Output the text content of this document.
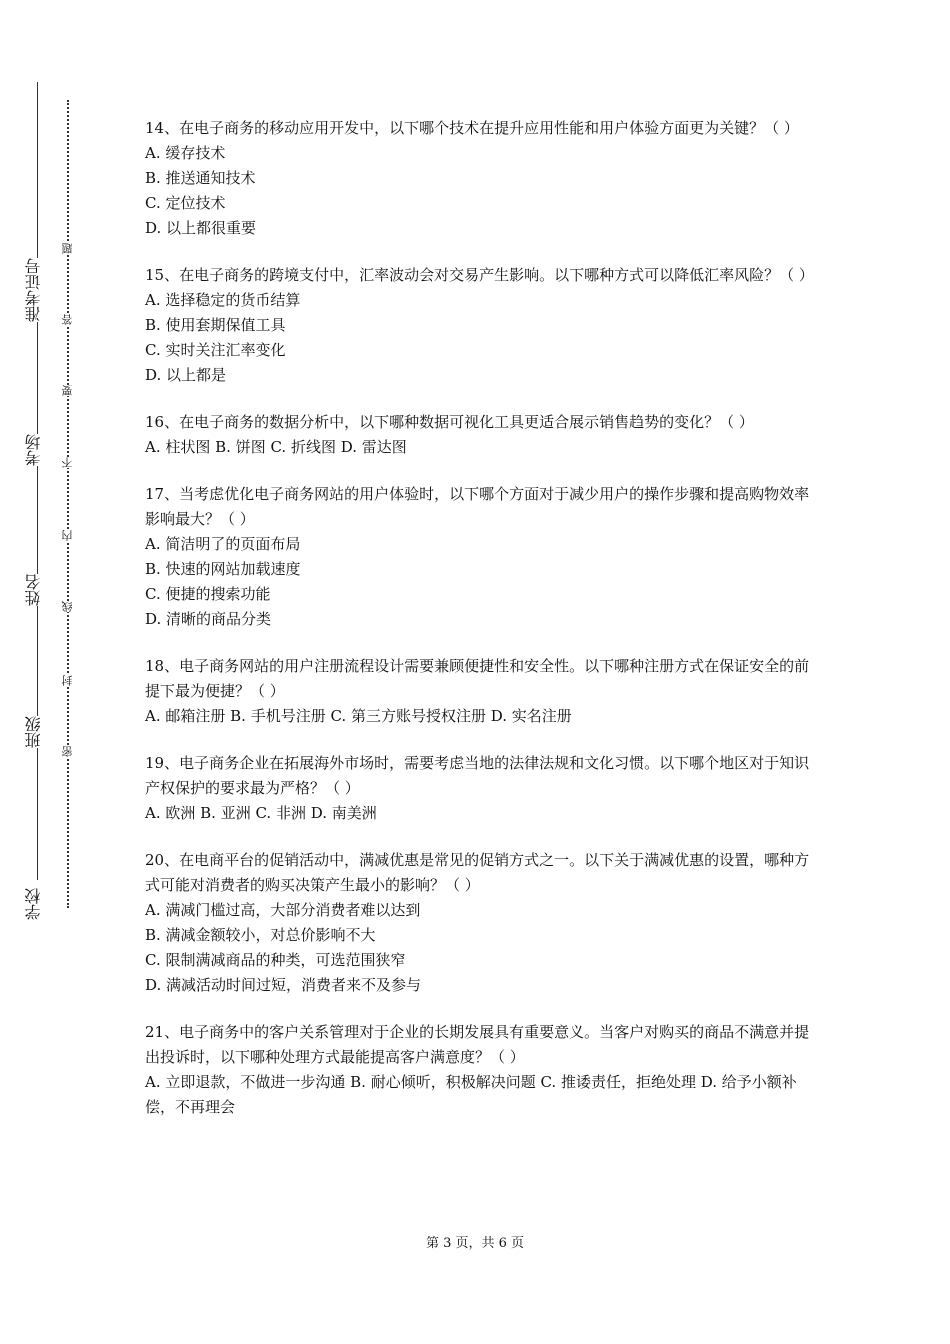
准考证号
考场
姓名
班级
学校
题
答
要
不
内
线
封
密

14、在电子商务的移动应用开发中，以下哪个技术在提升应用性能和用户体验方面更为关键？（ ）

A. 缓存技术

B. 推送通知技术

C. 定位技术

D. 以上都很重要

15、在电子商务的跨境支付中，汇率波动会对交易产生影响。以下哪种方式可以降低汇率风险？（ ）

A. 选择稳定的货币结算

B. 使用套期保值工具

C. 实时关注汇率变化

D. 以上都是

16、在电子商务的数据分析中，以下哪种数据可视化工具更适合展示销售趋势的变化？（ ）

A. 柱状图 B. 饼图 C. 折线图 D. 雷达图

17、当考虑优化电子商务网站的用户体验时，以下哪个方面对于减少用户的操作步骤和提高购物效率影响最大？（ ）

A. 简洁明了的页面布局

B. 快速的网站加载速度

C. 便捷的搜索功能

D. 清晰的商品分类

18、电子商务网站的用户注册流程设计需要兼顾便捷性和安全性。以下哪种注册方式在保证安全的前提下最为便捷？（ ）

A. 邮箱注册 B. 手机号注册 C. 第三方账号授权注册 D. 实名注册

19、电子商务企业在拓展海外市场时，需要考虑当地的法律法规和文化习惯。以下哪个地区对于知识产权保护的要求最为严格？（ ）

A. 欧洲 B. 亚洲 C. 非洲 D. 南美洲

20、在电商平台的促销活动中，满减优惠是常见的促销方式之一。以下关于满减优惠的设置，哪种方式可能对消费者的购买决策产生最小的影响？（ ）

A. 满减门槛过高，大部分消费者难以达到

B. 满减金额较小，对总价影响不大

C. 限制满减商品的种类，可选范围狭窄

D. 满减活动时间过短，消费者来不及参与

21、电子商务中的客户关系管理对于企业的长期发展具有重要意义。当客户对购买的商品不满意并提出投诉时，以下哪种处理方式最能提高客户满意度？（ ）

A. 立即退款，不做进一步沟通 B. 耐心倾听，积极解决问题 C. 推诿责任，拒绝处理 D. 给予小额补偿，不再理会

第 3 页，共 6 页
